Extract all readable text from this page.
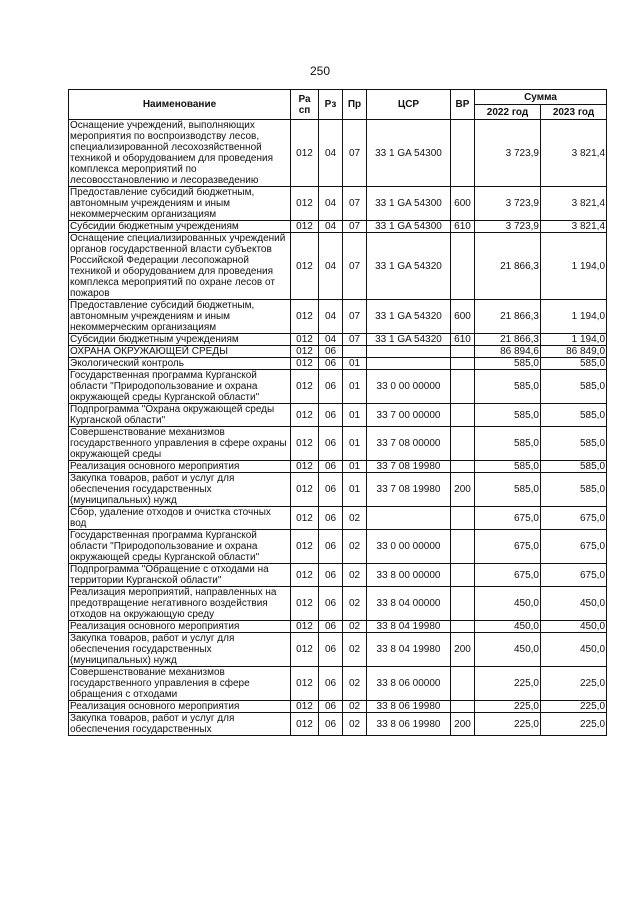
250
Наименование	Ра сп	Рз	Пр	ЦСР	ВР	Сумма	
						2022 год	2023 год
Оснащение учреждений, выполняющих мероприятия по воспроизводству лесов, специализированной лесохозяйственной техникой и оборудованием для проведения комплекса мероприятий по лесовосстановлению и лесоразведению	012	04	07	33 1 GA 54300		3 723,9	3 821,4
Предоставление субсидий бюджетным, автономным учреждениям и иным некоммерческим организациям	012	04	07	33 1 GA 54300	600	3 723,9	3 821,4
Субсидии бюджетным учреждениям	012	04	07	33 1 GA 54300	610	3 723,9	3 821,4
Оснащение специализированных учреждений органов государственной власти субъектов Российской Федерации лесопожарной техникой и оборудованием для проведения комплекса мероприятий по охране лесов от пожаров	012	04	07	33 1 GA 54320		21 866,3	1 194,0
Предоставление субсидий бюджетным, автономным учреждениям и иным некоммерческим организациям	012	04	07	33 1 GA 54320	600	21 866,3	1 194,0
Субсидии бюджетным учреждениям	012	04	07	33 1 GA 54320	610	21 866,3	1 194,0
ОХРАНА ОКРУЖАЮЩЕЙ СРЕДЫ	012	06				86 894,6	86 849,0
Экологический контроль	012	06	01			585,0	585,0
Государственная программа Курганской области "Природопользование и охрана окружающей среды Курганской области"	012	06	01	33 0 00 00000		585,0	585,0
Подпрограмма "Охрана окружающей среды Курганской области"	012	06	01	33 7 00 00000		585,0	585,0
Совершенствование механизмов государственного управления в сфере охраны окружающей среды	012	06	01	33 7 08 00000		585,0	585,0
Реализация основного мероприятия	012	06	01	33 7 08 19980		585,0	585,0
Закупка товаров, работ и услуг для обеспечения государственных (муниципальных) нужд	012	06	01	33 7 08 19980	200	585,0	585,0
Сбор, удаление отходов и очистка сточных вод	012	06	02			675,0	675,0
Государственная программа Курганской области "Природопользование и охрана окружающей среды Курганской области"	012	06	02	33 0 00 00000		675,0	675,0
Подпрограмма "Обращение с отходами на территории Курганской области"	012	06	02	33 8 00 00000		675,0	675,0
Реализация мероприятий, направленных на предотвращение негативного воздействия отходов на окружающую среду	012	06	02	33 8 04 00000		450,0	450,0
Реализация основного мероприятия	012	06	02	33 8 04 19980		450,0	450,0
Закупка товаров, работ и услуг для обеспечения государственных (муниципальных) нужд	012	06	02	33 8 04 19980	200	450,0	450,0
Совершенствование механизмов государственного управления в сфере обращения с отходами	012	06	02	33 8 06 00000		225,0	225,0
Реализация основного мероприятия	012	06	02	33 8 06 19980		225,0	225,0
Закупка товаров, работ и услуг для обеспечения государственных	012	06	02	33 8 06 19980	200	225,0	225,0
